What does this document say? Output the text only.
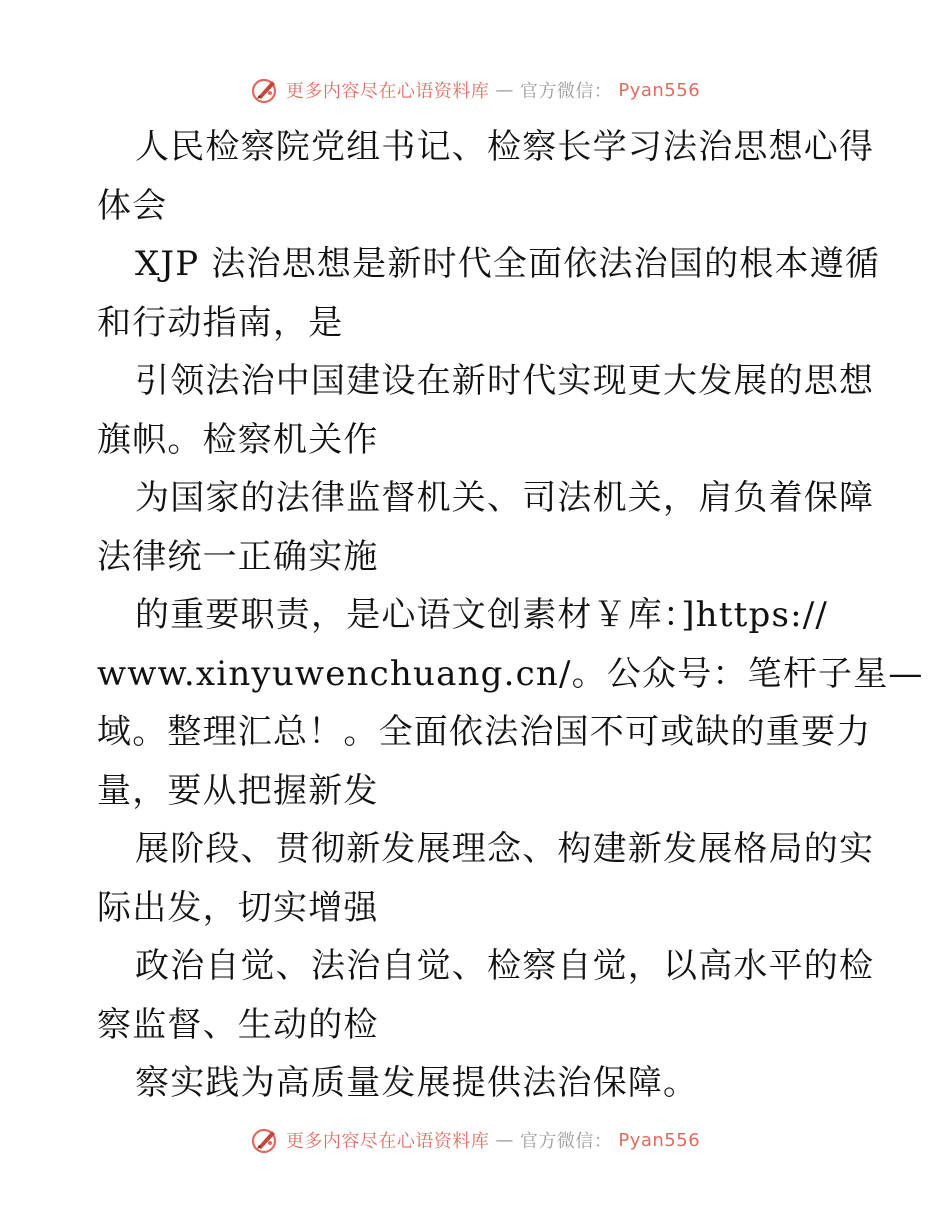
更多内容尽在心语资料库 — 官方微信： Pyan556
人民检察院党组书记、检察长学习法治思想心得
体会
XJP 法治思想是新时代全面依法治国的根本遵循
和行动指南，是
引领法治中国建设在新时代实现更大发展的思想
旗帜。检察机关作
为国家的法律监督机关、司法机关，肩负着保障
法律统一正确实施
的重要职责，是心语文创素材￥库：]https://
www.xinyuwenchuang.cn/。公众号：笔杆子星—
域。整理汇总！。全面依法治国不可或缺的重要力
量，要从把握新发
展阶段、贯彻新发展理念、构建新发展格局的实
际出发，切实增强
政治自觉、法治自觉、检察自觉，以高水平的检
察监督、生动的检
察实践为高质量发展提供法治保障。
更多内容尽在心语资料库 — 官方微信： Pyan556
